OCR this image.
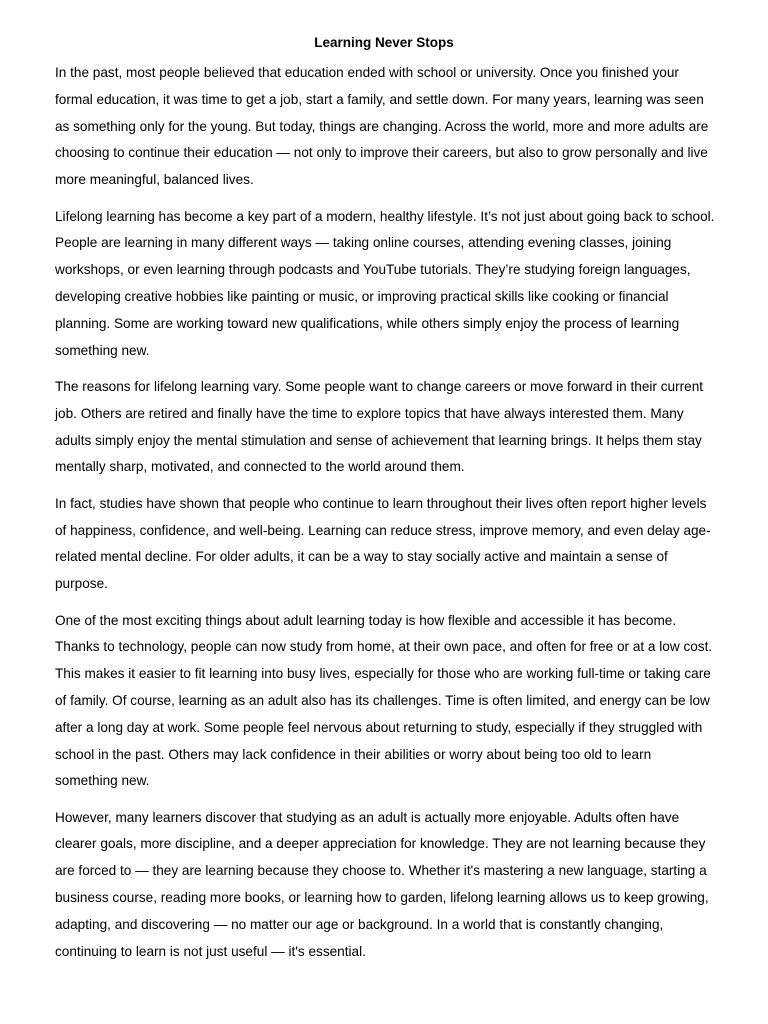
Learning Never Stops

In the past, most people believed that education ended with school or university. Once you finished your formal education, it was time to get a job, start a family, and settle down. For many years, learning was seen as something only for the young. But today, things are changing. Across the world, more and more adults are choosing to continue their education — not only to improve their careers, but also to grow personally and live more meaningful, balanced lives.

Lifelong learning has become a key part of a modern, healthy lifestyle. It’s not just about going back to school. People are learning in many different ways — taking online courses, attending evening classes, joining workshops, or even learning through podcasts and YouTube tutorials. They’re studying foreign languages, developing creative hobbies like painting or music, or improving practical skills like cooking or financial planning. Some are working toward new qualifications, while others simply enjoy the process of learning something new.

The reasons for lifelong learning vary. Some people want to change careers or move forward in their current job. Others are retired and finally have the time to explore topics that have always interested them. Many adults simply enjoy the mental stimulation and sense of achievement that learning brings. It helps them stay mentally sharp, motivated, and connected to the world around them.

In fact, studies have shown that people who continue to learn throughout their lives often report higher levels of happiness, confidence, and well-being. Learning can reduce stress, improve memory, and even delay age-related mental decline. For older adults, it can be a way to stay socially active and maintain a sense of purpose.

One of the most exciting things about adult learning today is how flexible and accessible it has become. Thanks to technology, people can now study from home, at their own pace, and often for free or at a low cost. This makes it easier to fit learning into busy lives, especially for those who are working full-time or taking care of family. Of course, learning as an adult also has its challenges. Time is often limited, and energy can be low after a long day at work. Some people feel nervous about returning to study, especially if they struggled with school in the past. Others may lack confidence in their abilities or worry about being too old to learn something new.

However, many learners discover that studying as an adult is actually more enjoyable. Adults often have clearer goals, more discipline, and a deeper appreciation for knowledge. They are not learning because they are forced to — they are learning because they choose to. Whether it's mastering a new language, starting a business course, reading more books, or learning how to garden, lifelong learning allows us to keep growing, adapting, and discovering — no matter our age or background. In a world that is constantly changing, continuing to learn is not just useful — it's essential.
